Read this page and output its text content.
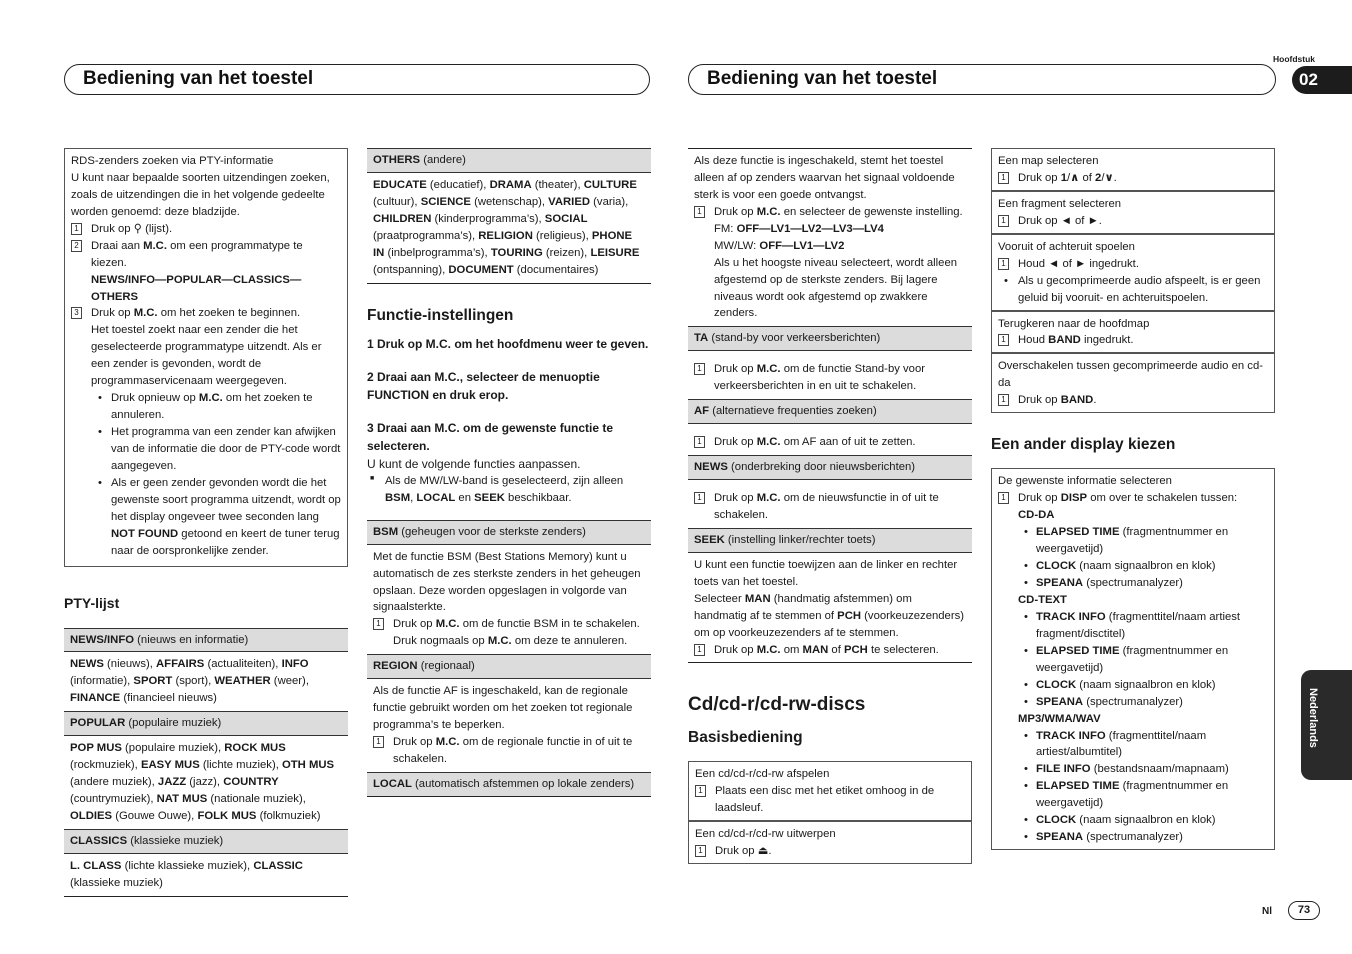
Bediening van het toestel	Bediening van het toestel
Hoofdstuk
02
Nederlands
Nl	73
RDS-zenders zoeken via PTY-informatie
U kunt naar bepaalde soorten uitzendingen zoeken, zoals de uitzendingen die in het volgende gedeelte worden genoemd: deze bladzijde.
1 Druk op ⚲ (lijst).
2 Draai aan M.C. om een programmatype te kiezen.
NEWS/INFO—POPULAR—CLASSICS—OTHERS
3 Druk op M.C. om het zoeken te beginnen.
Het toestel zoekt naar een zender die het geselecteerde programmatype uitzendt. Als er een zender is gevonden, wordt de programmaservicenaam weergegeven.
• Druk opnieuw op M.C. om het zoeken te annuleren.
• Het programma van een zender kan afwijken van de informatie die door de PTY-code wordt aangegeven.
• Als er geen zender gevonden wordt die het gewenste soort programma uitzendt, wordt op het display ongeveer twee seconden lang NOT FOUND getoond en keert de tuner terug naar de oorspronkelijke zender.
PTY-lijst
NEWS/INFO (nieuws en informatie)
NEWS (nieuws), AFFAIRS (actualiteiten), INFO (informatie), SPORT (sport), WEATHER (weer), FINANCE (financieel nieuws)
POPULAR (populaire muziek)
POP MUS (populaire muziek), ROCK MUS (rockmuziek), EASY MUS (lichte muziek), OTH MUS (andere muziek), JAZZ (jazz), COUNTRY (countrymuziek), NAT MUS (nationale muziek), OLDIES (Gouwe Ouwe), FOLK MUS (folkmuziek)
CLASSICS (klassieke muziek)
L. CLASS (lichte klassieke muziek), CLASSIC (klassieke muziek)
OTHERS (andere)
EDUCATE (educatief), DRAMA (theater), CULTURE (cultuur), SCIENCE (wetenschap), VARIED (varia), CHILDREN (kinderprogramma’s), SOCIAL (praatprogramma’s), RELIGION (religieus), PHONE IN (inbelprogramma’s), TOURING (reizen), LEISURE (ontspanning), DOCUMENT (documentaires)
Functie-instellingen
1 Druk op M.C. om het hoofdmenu weer te geven.
2 Draai aan M.C., selecteer de menuoptie FUNCTION en druk erop.
3 Draai aan M.C. om de gewenste functie te selecteren.
U kunt de volgende functies aanpassen.
■ Als de MW/LW-band is geselecteerd, zijn alleen BSM, LOCAL en SEEK beschikbaar.
BSM (geheugen voor de sterkste zenders)
Met de functie BSM (Best Stations Memory) kunt u automatisch de zes sterkste zenders in het geheugen opslaan. Deze worden opgeslagen in volgorde van signaalsterkte.
1 Druk op M.C. om de functie BSM in te schakelen.
Druk nogmaals op M.C. om deze te annuleren.
REGION (regionaal)
Als de functie AF is ingeschakeld, kan de regionale functie gebruikt worden om het zoeken tot regionale programma’s te beperken.
1 Druk op M.C. om de regionale functie in of uit te schakelen.
LOCAL (automatisch afstemmen op lokale zenders)
Als deze functie is ingeschakeld, stemt het toestel alleen af op zenders waarvan het signaal voldoende sterk is voor een goede ontvangst.
1 Druk op M.C. en selecteer de gewenste instelling.
FM: OFF—LV1—LV2—LV3—LV4
MW/LW: OFF—LV1—LV2
Als u het hoogste niveau selecteert, wordt alleen afgestemd op de sterkste zenders. Bij lagere niveaus wordt ook afgestemd op zwakkere zenders.
TA (stand-by voor verkeersberichten)
1 Druk op M.C. om de functie Stand-by voor verkeersberichten in en uit te schakelen.
AF (alternatieve frequenties zoeken)
1 Druk op M.C. om AF aan of uit te zetten.
NEWS (onderbreking door nieuwsberichten)
1 Druk op M.C. om de nieuwsfunctie in of uit te schakelen.
SEEK (instelling linker/rechter toets)
U kunt een functie toewijzen aan de linker en rechter toets van het toestel.
Selecteer MAN (handmatig afstemmen) om handmatig af te stemmen of PCH (voorkeuzezenders) om op voorkeuzezenders af te stemmen.
1 Druk op M.C. om MAN of PCH te selecteren.
Cd/cd-r/cd-rw-discs
Basisbediening
Een cd/cd-r/cd-rw afspelen
1 Plaats een disc met het etiket omhoog in de laadsleuf.
Een cd/cd-r/cd-rw uitwerpen
1 Druk op ⏏.
Een map selecteren
1 Druk op 1/∧ of 2/∨.
Een fragment selecteren
1 Druk op ◄ of ►.
Vooruit of achteruit spoelen
1 Houd ◄ of ► ingedrukt.
• Als u gecomprimeerde audio afspeelt, is er geen geluid bij vooruit- en achteruitspoelen.
Terugkeren naar de hoofdmap
1 Houd BAND ingedrukt.
Overschakelen tussen gecomprimeerde audio en cd-da
1 Druk op BAND.
Een ander display kiezen
De gewenste informatie selecteren
1 Druk op DISP om over te schakelen tussen:
CD-DA
• ELAPSED TIME (fragmentnummer en weergavetijd)
• CLOCK (naam signaalbron en klok)
• SPEANA (spectrumanalyzer)
CD-TEXT
• TRACK INFO (fragmenttitel/naam artiest fragment/disctitel)
• ELAPSED TIME (fragmentnummer en weergavetijd)
• CLOCK (naam signaalbron en klok)
• SPEANA (spectrumanalyzer)
MP3/WMA/WAV
• TRACK INFO (fragmenttitel/naam artiest/albumtitel)
• FILE INFO (bestandsnaam/mapnaam)
• ELAPSED TIME (fragmentnummer en weergavetijd)
• CLOCK (naam signaalbron en klok)
• SPEANA (spectrumanalyzer)
